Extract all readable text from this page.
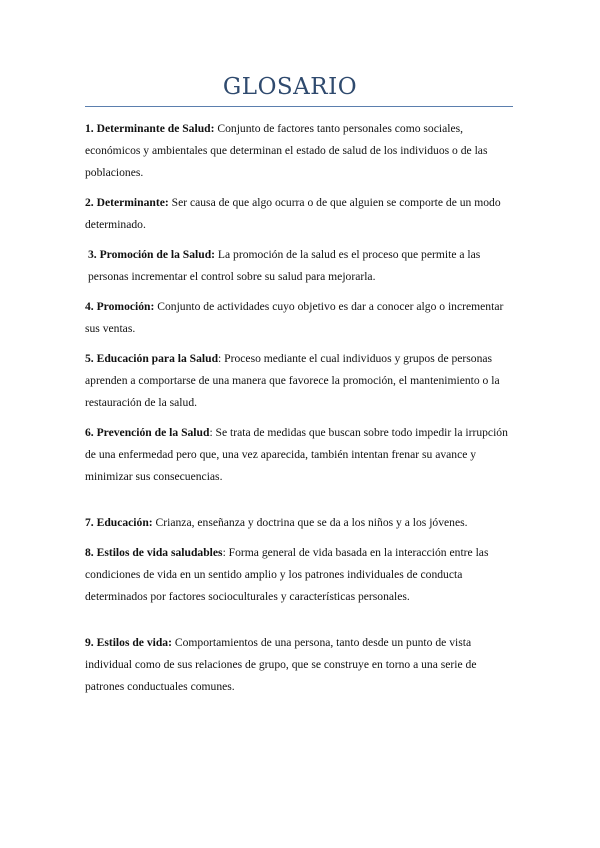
GLOSARIO

1. Determinante de Salud: Conjunto de factores tanto personales como sociales, económicos y ambientales que determinan el estado de salud de los individuos o de las poblaciones.

2. Determinante: Ser causa de que algo ocurra o de que alguien se comporte de un modo determinado.

3. Promoción de la Salud: La promoción de la salud es el proceso que permite a las personas incrementar el control sobre su salud para mejorarla.

4. Promoción: Conjunto de actividades cuyo objetivo es dar a conocer algo o incrementar sus ventas.

5. Educación para la Salud: Proceso mediante el cual individuos y grupos de personas aprenden a comportarse de una manera que favorece la promoción, el mantenimiento o la restauración de la salud.

6. Prevención de la Salud: Se trata de medidas que buscan sobre todo impedir la irrupción de una enfermedad pero que, una vez aparecida, también intentan frenar su avance y minimizar sus consecuencias.

7. Educación: Crianza, enseñanza y doctrina que se da a los niños y a los jóvenes.

8. Estilos de vida saludables: Forma general de vida basada en la interacción entre las condiciones de vida en un sentido amplio y los patrones individuales de conducta determinados por factores socioculturales y características personales.

9. Estilos de vida: Comportamientos de una persona, tanto desde un punto de vista individual como de sus relaciones de grupo, que se construye en torno a una serie de patrones conductuales comunes.
